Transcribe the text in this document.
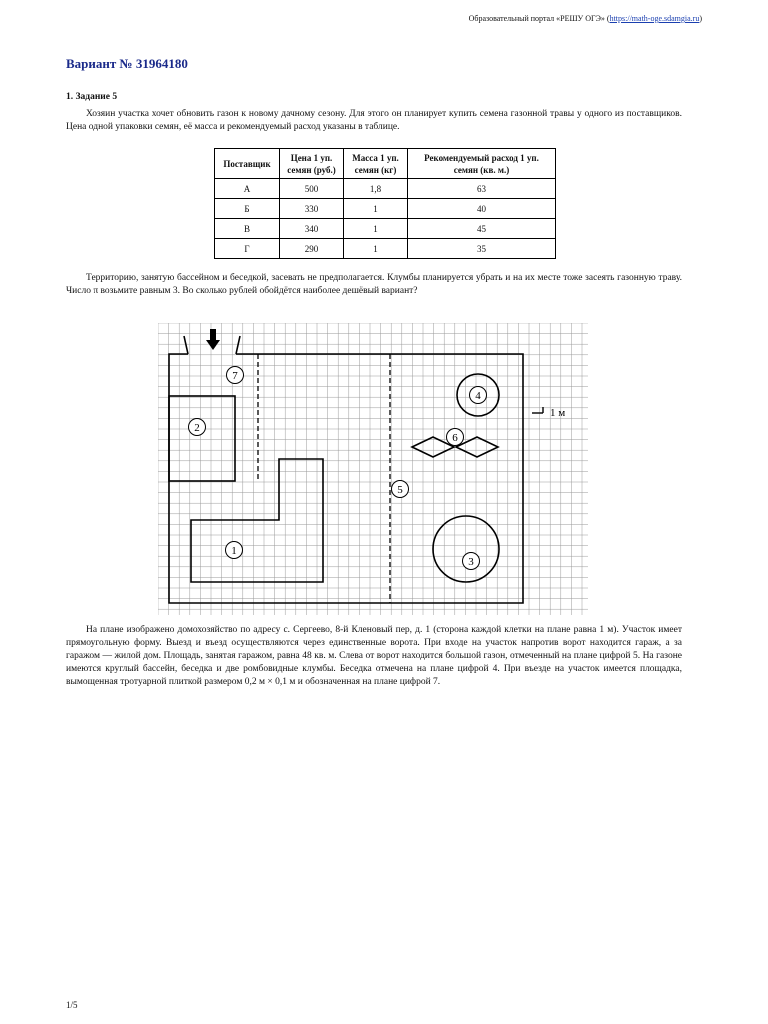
Образовательный портал «РЕШУ ОГЭ» (https://math-oge.sdamgia.ru)
Вариант № 31964180
1. Задание 5

Хозяин участка хочет обновить газон к новому дачному сезону. Для этого он планирует купить семена газонной травы у одного из поставщиков. Цена одной упаковки семян, её масса и рекомендуемый расход указаны в таблице.

Поставщик	Цена 1 уп. семян (руб.)	Масса 1 уп. семян (кг)	Рекомендуемый расход 1 уп. семян (кв. м.)
А	500	1,8	63
Б	330	1	40
В	340	1	45
Г	290	1	35

Территорию, занятую бассейном и беседкой, засевать не предполагается. Клумбы планируется убрать и на их месте тоже засеять газонную траву. Число π возьмите равным 3. Во сколько рублей обойдётся наиболее дешёвый вариант?

1 м
7
2
1
4
6
5
3

На плане изображено домохозяйство по адресу с. Сергеево, 8-й Кленовый пер, д. 1 (сторона каждой клетки на плане равна 1 м). Участок имеет прямоугольную форму. Выезд и въезд осуществляются через единственные ворота. При входе на участок напротив ворот находится гараж, а за гаражом — жилой дом. Площадь, занятая гаражом, равна 48 кв. м. Слева от ворот находится большой газон, отмеченный на плане цифрой 5. На газоне имеются круглый бассейн, беседка и две ромбовидные клумбы. Беседка отмечена на плане цифрой 4. При въезде на участок имеется площадка, вымощенная тротуарной плиткой размером 0,2 м × 0,1 м и обозначенная на плане цифрой 7.

1/5
